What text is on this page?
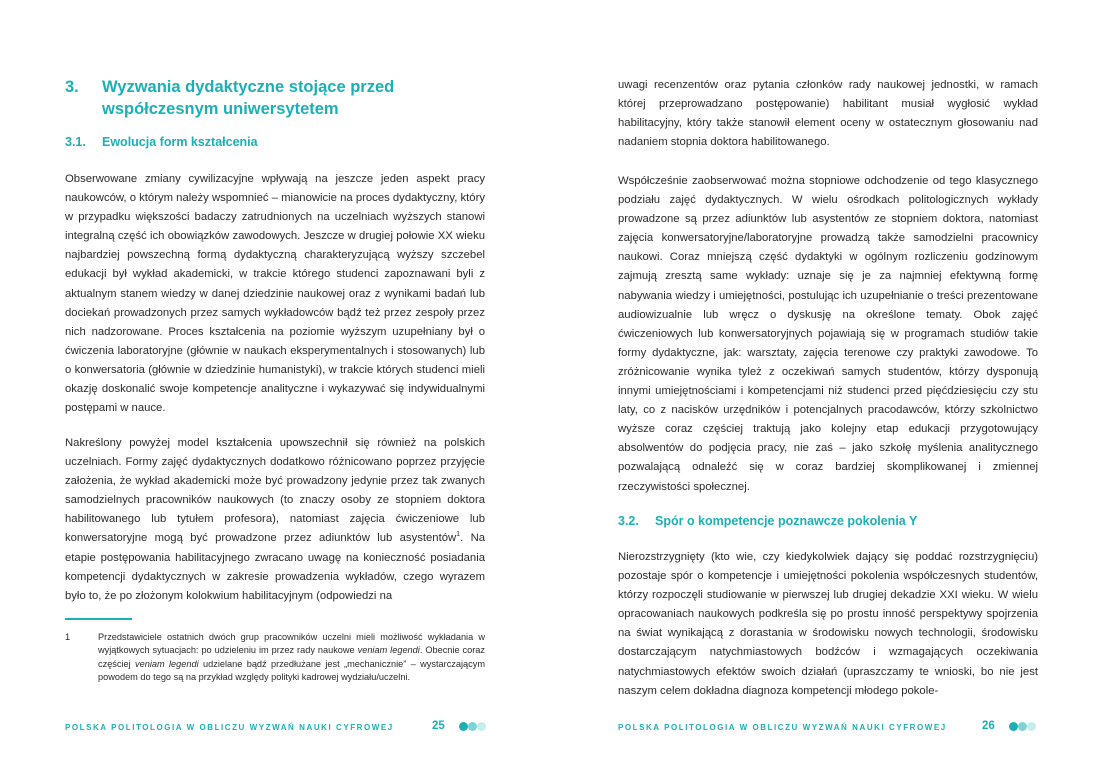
3. Wyzwania dydaktyczne stojące przed współczesnym uniwersytetem
3.1. Ewolucja form kształcenia

Obserwowane zmiany cywilizacyjne wpływają na jeszcze jeden aspekt pracy naukowców, o którym należy wspomnieć – mianowicie na proces dydaktyczny, który w przypadku większości badaczy zatrudnionych na uczelniach wyższych stanowi integralną część ich obowiązków zawodowych. Jeszcze w drugiej połowie XX wieku najbardziej powszechną formą dydaktyczną charakteryzującą wyższy szczebel edukacji był wykład akademicki, w trakcie którego studenci zapoznawani byli z aktualnym stanem wiedzy w danej dziedzinie naukowej oraz z wynikami badań lub dociekań prowadzonych przez samych wykładowców bądź też przez zespoły przez nich nadzorowane. Proces kształcenia na poziomie wyższym uzupełniany był o ćwiczenia laboratoryjne (głównie w naukach eksperymentalnych i stosowanych) lub o konwersatoria (głównie w dziedzinie humanistyki), w trakcie których studenci mieli okazję doskonalić swoje kompetencje analityczne i wykazywać się indywidualnymi postępami w nauce.

Nakreślony powyżej model kształcenia upowszechnił się również na polskich uczelniach. Formy zajęć dydaktycznych dodatkowo różnicowano poprzez przyjęcie założenia, że wykład akademicki może być prowadzony jedynie przez tak zwanych samodzielnych pracowników naukowych (to znaczy osoby ze stopniem doktora habilitowanego lub tytułem profesora), natomiast zajęcia ćwiczeniowe lub konwersatoryjne mogą być prowadzone przez adiunktów lub asystentów$^1$. Na etapie postępowania habilitacyjnego zwracano uwagę na konieczność posiadania kompetencji dydaktycznych w zakresie prowadzenia wykładów, czego wyrazem było to, że po złożonym kolokwium habilitacyjnym (odpowiedzi na

1	Przedstawiciele ostatnich dwóch grup pracowników uczelni mieli możliwość wykładania w wyjątkowych sytuacjach: po udzieleniu im przez rady naukowe veniam legendi. Obecnie coraz częściej veniam legendi udzielane bądź przedłużane jest „mechanicznie” – wystarczającym powodem do tego są na przykład względy polityki kadrowej wydziału/uczelni.
POLSKA POLITOLOGIA W OBLICZU WYZWAŃ NAUKI CYFROWEJ	25

uwagi recenzentów oraz pytania członków rady naukowej jednostki, w ramach której przeprowadzano postępowanie) habilitant musiał wygłosić wykład habilitacyjny, który także stanowił element oceny w ostatecznym głosowaniu nad nadaniem stopnia doktora habilitowanego.

Współcześnie zaobserwować można stopniowe odchodzenie od tego klasycznego podziału zajęć dydaktycznych. W wielu ośrodkach politologicznych wykłady prowadzone są przez adiunktów lub asystentów ze stopniem doktora, natomiast zajęcia konwersatoryjne/laboratoryjne prowadzą także samodzielni pracownicy naukowi. Coraz mniejszą część dydaktyki w ogólnym rozliczeniu godzinowym zajmują zresztą same wykłady: uznaje się je za najmniej efektywną formę nabywania wiedzy i umiejętności, postulując ich uzupełnianie o treści prezentowane audiowizualnie lub wręcz o dyskusję na określone tematy. Obok zajęć ćwiczeniowych lub konwersatoryjnych pojawiają się w programach studiów takie formy dydaktyczne, jak: warsztaty, zajęcia terenowe czy praktyki zawodowe. To zróżnicowanie wynika tyleż z oczekiwań samych studentów, którzy dysponują innymi umiejętnościami i kompetencjami niż studenci przed pięćdziesięciu czy stu laty, co z nacisków urzędników i potencjalnych pracodawców, którzy szkolnictwo wyższe coraz częściej traktują jako kolejny etap edukacji przygotowujący absolwentów do podjęcia pracy, nie zaś – jako szkołę myślenia analitycznego pozwalającą odnaleźć się w coraz bardziej skomplikowanej i zmiennej rzeczywistości społecznej.

3.2. Spór o kompetencje poznawcze pokolenia Y

Nierozstrzygnięty (kto wie, czy kiedykolwiek dający się poddać rozstrzygnięciu) pozostaje spór o kompetencje i umiejętności pokolenia współczesnych studentów, którzy rozpoczęli studiowanie w pierwszej lub drugiej dekadzie XXI wieku. W wielu opracowaniach naukowych podkreśla się po prostu inność perspektywy spojrzenia na świat wynikającą z dorastania w środowisku nowych technologii, środowisku dostarczającym natychmiastowych bodźców i wzmagających oczekiwania natychmiastowych efektów swoich działań (upraszczamy te wnioski, bo nie jest naszym celem dokładna diagnoza kompetencji młodego pokole-

POLSKA POLITOLOGIA W OBLICZU WYZWAŃ NAUKI CYFROWEJ	26
